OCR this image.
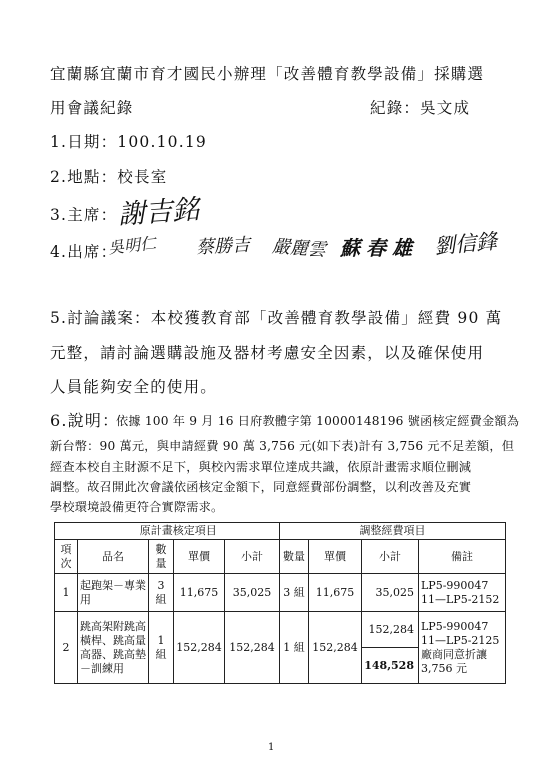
宜蘭縣宜蘭市育才國民小辦理「改善體育教學設備」採購選
用會議紀錄	紀錄：吳文成
1.日期：100.10.19
2.地點：校長室
3.主席： 謝吉銘
4.出席：
吳明仁 蔡勝吉 嚴麗雲 蘇春雄 劉信鋒
5.討論議案：本校獲教育部「改善體育教學設備」經費 90 萬
元整，請討論選購設施及器材考慮安全因素，以及確保使用
人員能夠安全的使用。
6.說明：
依據 100 年 9 月 16 日府教體字第 10000148196 號函核定經費金額為
新台幣：90 萬元，與申請經費 90 萬 3,756 元(如下表)計有 3,756 元不足差額，但
經查本校自主財源不足下，與校內需求單位達成共識，依原計畫需求順位刪減
調整。故召開此次會議依函核定金額下，同意經費部份調整，以利改善及充實
學校環境設備更符合實際需求。
	原計畫核定項目				調整經費項目			
項次	品名	數量	單價	小計	數量	單價	小計	備註
1	起跑架－專業用	3 組	11,675	35,025	3 組	11,675	35,025	LP5-990047
11—LP5-2152

2	跳高架附跳高橫桿、跳高量高器、跳高墊－訓練用	1 組	152,284	152,284	1 組	152,284	152,284	LP5-990047
11—LP5-2125
廠商同意折讓
3,756 元

							148,528	
1
